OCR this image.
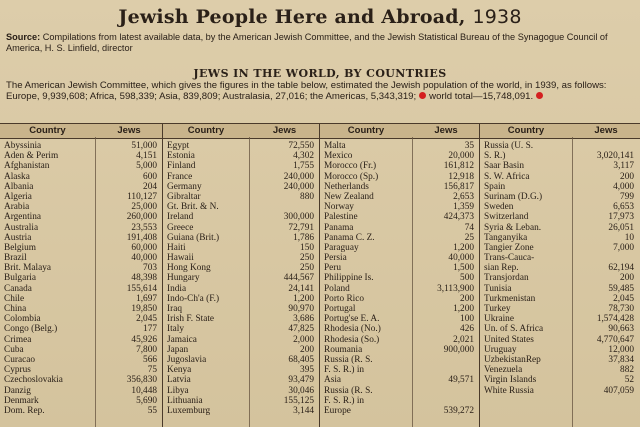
Jewish People Here and Abroad, 1938
Source: Compilations from latest available data, by the American Jewish Committee, and the Jewish Statistical Bureau of the Synagogue Council of America, H. S. Linfield, director
JEWS IN THE WORLD, BY COUNTRIES
The American Jewish Committee, which gives the figures in the table below, estimated the Jewish population of the world, in 1939, as follows: Europe, 9,939,608; Africa, 598,339; Asia, 839,809; Australasia, 27,016; the Americas, 5,343,319; world total—15,748,091.
Country	Jews
Abyssinia	51,000
Aden & Perim	4,151
Afghanistan	5,000
Alaska	600
Albania	204
Algeria	110,127
Arabia	25,000
Argentina	260,000
Australia	23,553
Austria	191,408
Belgium	60,000
Brazil	40,000
Brit. Malaya	703
Bulgaria	48,398
Canada	155,614
Chile	1,697
China	19,850
Colombia	2,045
Congo (Belg.)	177
Crimea	45,926
Cuba	7,800
Curacao	566
Cyprus	75
Czechoslovakia	356,830
Danzig	10,448
Denmark	5,690
Dom. Rep.	55
Country	Jews
Egypt	72,550
Estonia	4,302
Finland	1,755
France	240,000
Germany	240,000
Gibraltar	880
Gt. Brit. & N.
Ireland	300,000
Greece	72,791
Guiana (Brit.)	1,786
Haiti	150
Hawaii	250
Hong Kong	250
Hungary	444,567
India	24,141
Indo-Ch'a (F.)	1,200
Iraq	90,970
Irish F. State	3,686
Italy	47,825
Jamaica	2,000
Japan	200
Jugoslavia	68,405
Kenya	395
Latvia	93,479
Libya	30,046
Lithuania	155,125
Luxemburg	3,144
Country	Jews
Malta	35
Mexico	20,000
Morocco (Fr.)	161,812
Morocco (Sp.)	12,918
Netherlands	156,817
New Zealand	2,653
Norway	1,359
Palestine	424,373
Panama	74
Panama C. Z.	25
Paraguay	1,200
Persia	40,000
Peru	1,500
Philippine Is.	500
Poland	3,113,900
Porto Rico	200
Portugal	1,200
Portug'se E. A.	100
Rhodesia (No.)	426
Rhodesia (So.)	2,021
Roumania	900,000
Russia (R. S.
F. S. R.) in
Asia	49,571
Russia (R. S.
F. S. R.) in
Europe	539,272
Country	Jews
Russia (U. S.
S. R.)	3,020,141
Saar Basin	3,117
S. W. Africa	200
Spain	4,000
Surinam (D.G.)	799
Sweden	6,653
Switzerland	17,973
Syria & Leban.	26,051
Tanganyika	10
Tangier Zone	7,000
Trans-Cauca-
sian Rep.	62,194
Transjordan	200
Tunisia	59,485
Turkmenistan	2,045
Turkey	78,730
Ukraine	1,574,428
Un. of S. Africa	90,663
United States	4,770,647
Uruguay	12,000
UzbekistanRep	37,834
Venezuela	882
Virgin Islands	52
White Russia	407,059
